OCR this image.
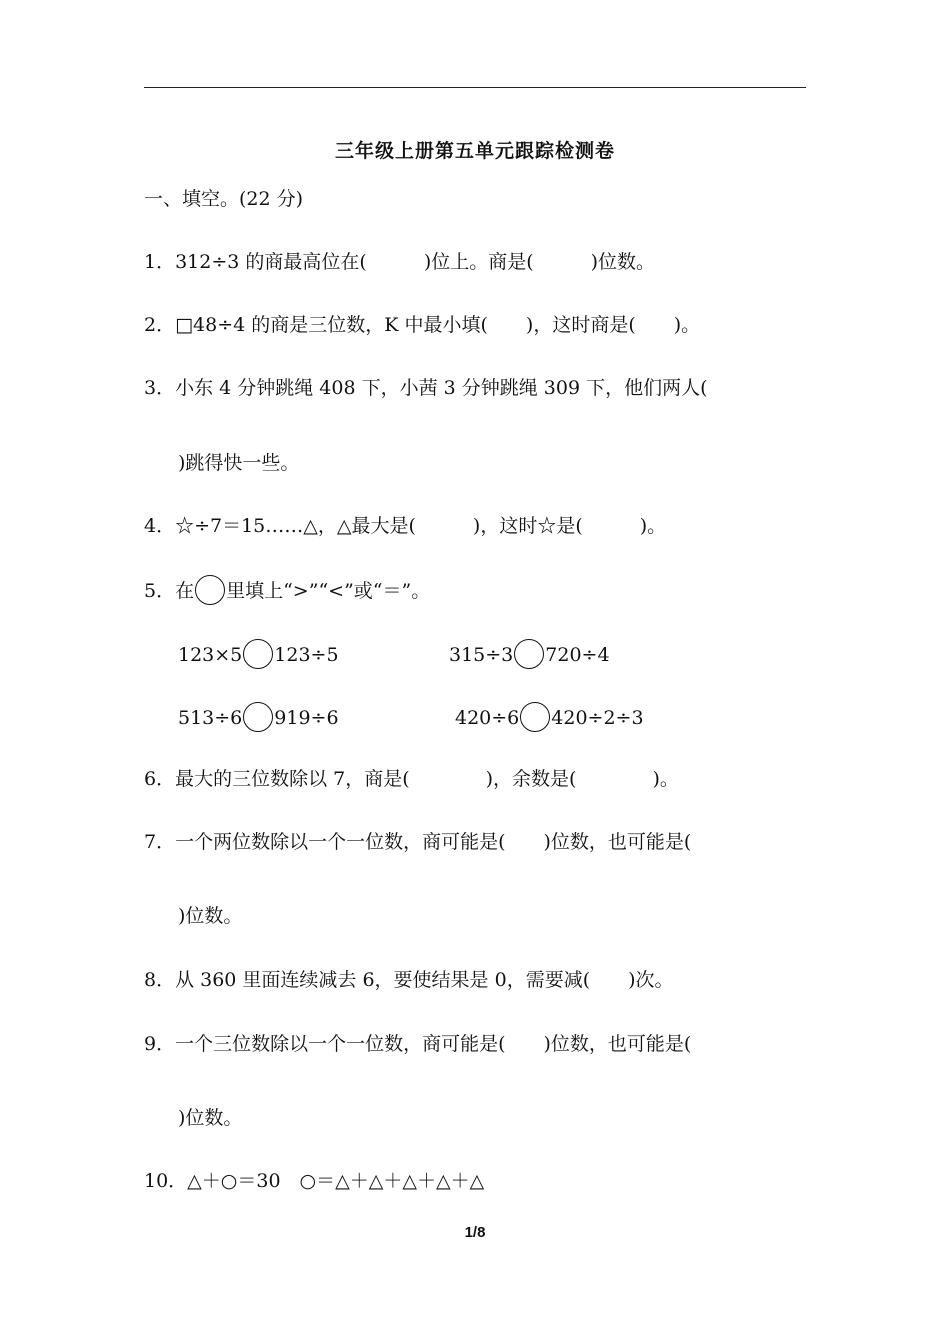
三年级上册第五单元跟踪检测卷
一、填空。(22 分)
1．312÷3 的商最高位在(　　　)位上。商是(　　　)位数。
2．□48÷4 的商是三位数，K 中最小填(　　)，这时商是(　　)。
3．小东 4 分钟跳绳 408 下，小茜 3 分钟跳绳 309 下，他们两人(
)跳得快一些。
4．☆÷7＝15……△，△最大是(　　　)，这时☆是(　　　)。
5．在 里填上“>”“<”或“＝”。
123×5 123÷5	315÷3 720÷4
513÷6 919÷6	420÷6 420÷2÷3
6．最大的三位数除以 7，商是(　　　　)，余数是(　　　　)。
7．一个两位数除以一个一位数，商可能是(　　)位数，也可能是(
)位数。
8．从 360 里面连续减去 6，要使结果是 0，需要减(　　)次。
9．一个三位数除以一个一位数，商可能是(　　)位数，也可能是(
)位数。
10．△＋○＝30　○＝△＋△＋△＋△＋△
1/8
